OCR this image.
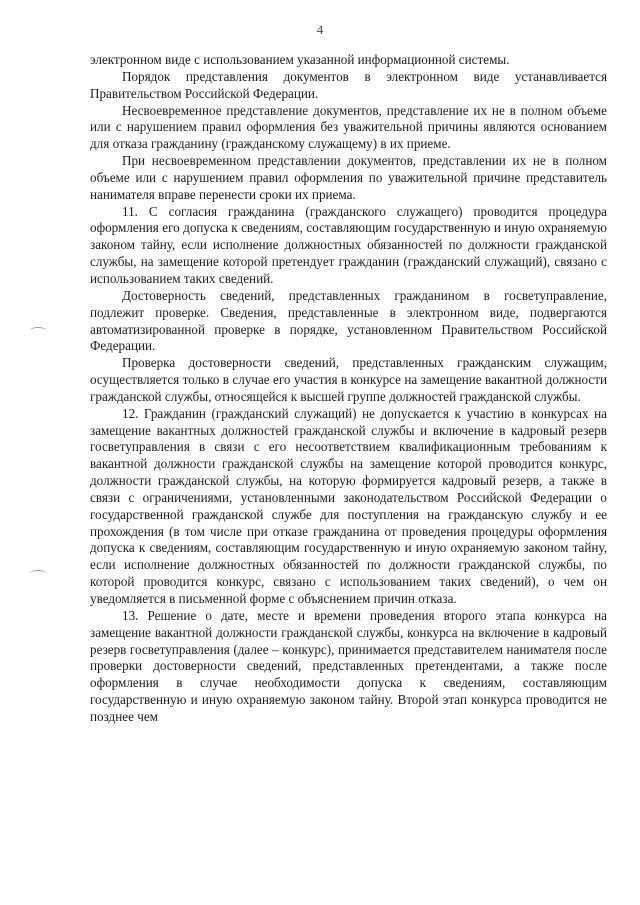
4

электронном виде с использованием указанной информационной системы.

Порядок представления документов в электронном виде устанавливается Правительством Российской Федерации.

Несвоевременное представление документов, представление их не в полном объеме или с нарушением правил оформления без уважительной причины являются основанием для отказа гражданину (гражданскому служащему) в их приеме.

При несвоевременном представлении документов, представлении их не в полном объеме или с нарушением правил оформления по уважительной причине представитель нанимателя вправе перенести сроки их приема.

11. С согласия гражданина (гражданского служащего) проводится процедура оформления его допуска к сведениям, составляющим государственную и иную охраняемую законом тайну, если исполнение должностных обязанностей по должности гражданской службы, на замещение которой претендует гражданин (гражданский служащий), связано с использованием таких сведений.

Достоверность сведений, представленных гражданином в госветуправление, подлежит проверке. Сведения, представленные в электронном виде, подвергаются автоматизированной проверке в порядке, установленном Правительством Российской Федерации.

Проверка достоверности сведений, представленных гражданским служащим, осуществляется только в случае его участия в конкурсе на замещение вакантной должности гражданской службы, относящейся к высшей группе должностей гражданской службы.

12. Гражданин (гражданский служащий) не допускается к участию в конкурсах на замещение вакантных должностей гражданской службы и включение в кадровый резерв госветуправления в связи с его несоответствием квалификационным требованиям к вакантной должности гражданской службы на замещение которой проводится конкурс, должности гражданской службы, на которую формируется кадровый резерв, а также в связи с ограничениями, установленными законодательством Российской Федерации о государственной гражданской службе для поступления на гражданскую службу и ее прохождения (в том числе при отказе гражданина от проведения процедуры оформления допуска к сведениям, составляющим государственную и иную охраняемую законом тайну, если исполнение должностных обязанностей по должности гражданской службы, по которой проводится конкурс, связано с использованием таких сведений), о чем он уведомляется в письменной форме с объяснением причин отказа.

13. Решение о дате, месте и времени проведения второго этапа конкурса на замещение вакантной должности гражданской службы, конкурса на включение в кадровый резерв госветуправления (далее – конкурс), принимается представителем нанимателя после проверки достоверности сведений, представленных претендентами, а также после оформления в случае необходимости допуска к сведениям, составляющим государственную и иную охраняемую законом тайну. Второй этап конкурса проводится не позднее чем
